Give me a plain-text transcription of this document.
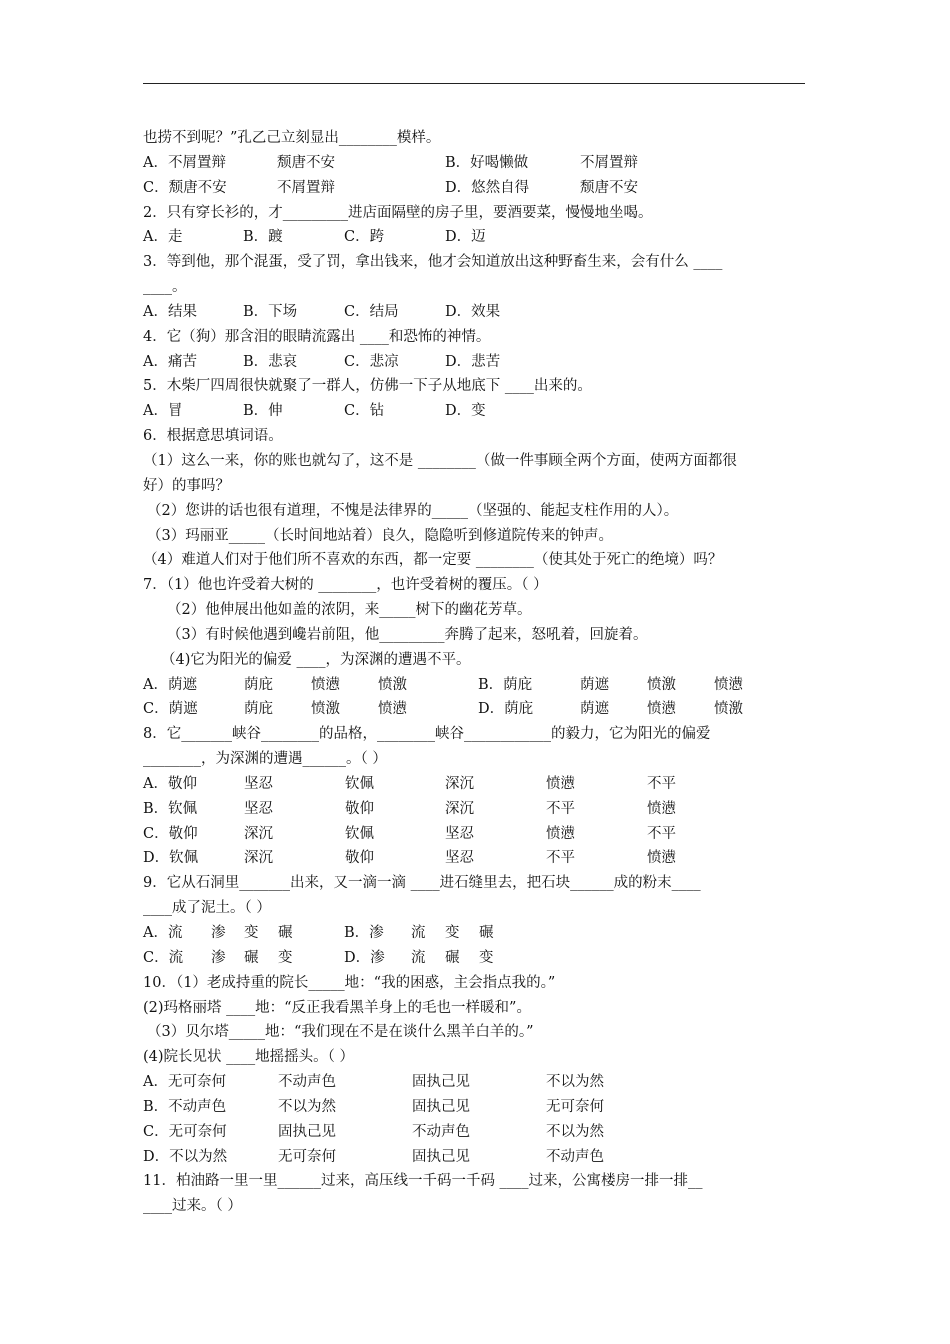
也捞不到呢？”孔乙己立刻显出________模样。
A．不屑置辩	颓唐不安	B．好喝懒做	不屑置辩
C．颓唐不安	不屑置辩	D．悠然自得	颓唐不安
2．只有穿长衫的，才_________进店面隔壁的房子里，要酒要菜，慢慢地坐喝。
A．走	B．踱	C．跨	D．迈
3．等到他，那个混蛋，受了罚，拿出钱来，他才会知道放出这种野畜生来，会有什么 ____
____。
A．结果	B．下场	C．结局	D．效果
4．它（狗）那含泪的眼睛流露出 ____和恐怖的神情。
A．痛苦	B．悲哀	C．悲凉	D．悲苦
5．木柴厂四周很快就聚了一群人，仿佛一下子从地底下 ____出来的。
A．冒	B．伸	C．钻	D．变
6．根据意思填词语。
（1）这么一来，你的账也就勾了，这不是 ________（做一件事顾全两个方面，使两方面都很
好）的事吗？
（2）您讲的话也很有道理，不愧是法律界的_____（坚强的、能起支柱作用的人）。
（3）玛丽亚_____（长时间地站着）良久，隐隐听到修道院传来的钟声。
（4）难道人们对于他们所不喜欢的东西，都一定要 ________（使其处于死亡的绝境）吗？
7．（1）他也许受着大树的 ________，也许受着树的覆压。（ ）
（2）他伸展出他如盖的浓阴，来_____树下的幽花芳草。
（3）有时候他遇到巉岩前阻，他_________奔腾了起来，怒吼着，回旋着。
（4)它为阳光的偏爱 ____，为深渊的遭遇不平。
A．荫遮	荫庇	愤懑	愤激	B．荫庇	荫遮	愤激	愤懑
C．荫遮	荫庇	愤激	愤懑	D．荫庇	荫遮	愤懑	愤激
8．它_______峡谷________的品格，________峡谷____________的毅力，它为阳光的偏爱
________，为深渊的遭遇______。（ ）
A．敬仰	坚忍	钦佩	深沉	愤懑	不平
B．钦佩	坚忍	敬仰	深沉	不平	愤懑
C．敬仰	深沉	钦佩	坚忍	愤懑	不平
D．钦佩	深沉	敬仰	坚忍	不平	愤懑
9．它从石洞里_______出来，又一滴一滴 ____进石缝里去，把石块______成的粉末____
____成了泥土。（ ）
A．流 渗 变 碾	B．渗 流 变 碾
C．流 渗 碾 变	D．渗 流 碾 变
10．（1）老成持重的院长_____地：“我的困惑，主会指点我的。”
(2)玛格丽塔 ____地：“反正我看黑羊身上的毛也一样暖和”。
（3）贝尔塔_____地：“我们现在不是在谈什么黑羊白羊的。”
(4)院长见状 ____地摇摇头。（ ）
A．无可奈何	不动声色	固执己见	不以为然
B．不动声色	不以为然	固执己见	无可奈何
C．无可奈何	固执己见	不动声色	不以为然
D．不以为然	无可奈何	固执己见	不动声色
11．柏油路一里一里______过来，高压线一千码一千码 ____过来，公寓楼房一排一排__
____过来。（ ）
